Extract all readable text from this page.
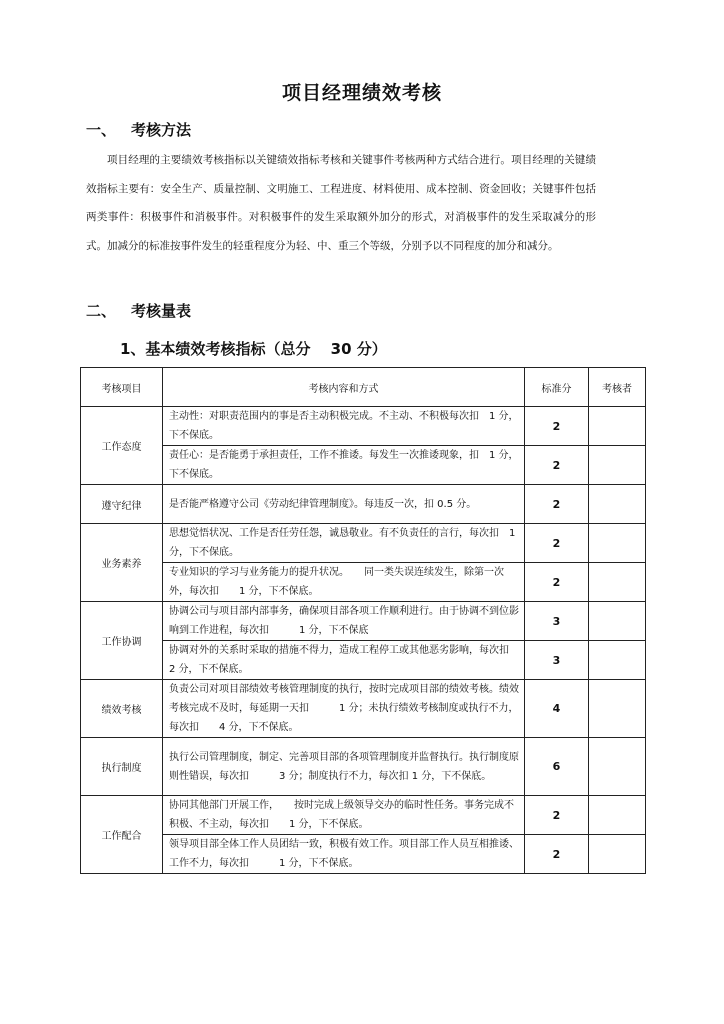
项目经理绩效考核
一、 考核方法

项目经理的主要绩效考核指标以关键绩效指标考核和关键事件考核两种方式结合进行。项目经理的关键绩效指标主要有：安全生产、质量控制、文明施工、工程进度、材料使用、成本控制、资金回收；关键事件包括两类事件：积极事件和消极事件。对积极事件的发生采取额外加分的形式，对消极事件的发生采取减分的形式。加减分的标准按事件发生的轻重程度分为轻、中、重三个等级，分别予以不同程度的加分和减分。

二、 考核量表
1、基本绩效考核指标（总分　 30 分）
考核项目	考核内容和方式	标准分	考核者
工作态度	主动性：对职责范围内的事是否主动积极完成。不主动、不积极每次扣　1 分，下不保底。	2	
	责任心：是否能勇于承担责任，工作不推诿。每发生一次推诿现象，扣　1 分，下不保底。	2	
遵守纪律	是否能严格遵守公司《劳动纪律管理制度》。每违反一次，扣 0.5 分。	2	
业务素养	思想觉悟状况、工作是否任劳任怨，诚恳敬业。有不负责任的言行，每次扣　1 分，下不保底。	2	
	专业知识的学习与业务能力的提升状况。　　同一类失误连续发生，除第一次外，每次扣　　1 分，下不保底。	2	
工作协调	协调公司与项目部内部事务，确保项目部各项工作顺利进行。由于协调不到位影响到工作进程，每次扣　　　1 分，下不保底	3	
	协调对外的关系时采取的措施不得力，造成工程停工或其他恶劣影响，每次扣　2 分，下不保底。	3	
绩效考核	负责公司对项目部绩效考核管理制度的执行，按时完成项目部的绩效考核。绩效考核完成不及时，每延期一天扣　　　1 分；未执行绩效考核制度或执行不力，每次扣　　4 分，下不保底。	4	
执行制度	执行公司管理制度，制定、完善项目部的各项管理制度并监督执行。执行制度原则性错误，每次扣　　　3 分；制度执行不力，每次扣 1 分，下不保底。	6	
工作配合	协同其他部门开展工作，　　按时完成上级领导交办的临时性任务。事务完成不积极、不主动，每次扣　　1 分，下不保底。	2	
	领导项目部全体工作人员团结一致，积极有效工作。项目部工作人员互相推诿、工作不力，每次扣　　　1 分，下不保底。	2	
